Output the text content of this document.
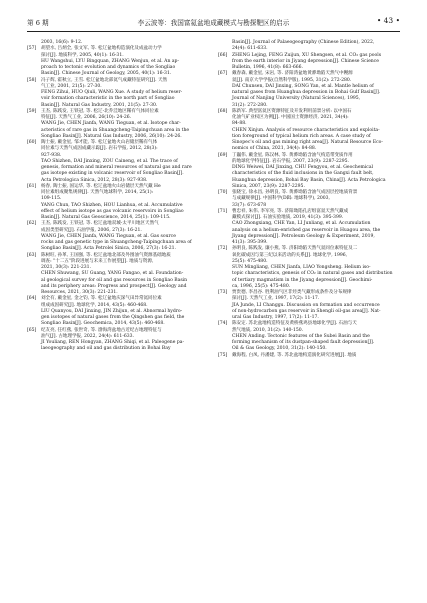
第 6 期	李云波等：我国富氦盆地成藏模式与勘探靶区的启示	• 43 •
2003, 16(6): 9-12.
[57] 胡望水, 吕炳全, 张文军, 等. 松辽盆地构造演化及成盆动力学
探讨[J]. 地质科学, 2005, 40(1): 16-31.
HU Wangshui, LYU Bingquan, ZHANG Wenjun, et al. An ap-
proach to tectonic evolution and dynamics of the Songliao
Basin[J]. Chinese Journal of Geology, 2005, 40(1): 16-31.
[58] 冯子辉, 霍秋立, 王雪. 松辽盆地北部氦气成藏特征研究[J]. 天然
气工业, 2001, 21(5): 27-30.
FENG Zihui, HUO Qiuli, WANG Xue. A study of helium reser-
voir formation characteristic in the north part of Songliao
Basin[J]. Natural Gas Industry, 2001, 21(5): 27-30.
[59] 王杰, 陈践发, 王铁冠, 等. 松辽-北乔洼地区稀有气体同位素
特征[J]. 天然气工业, 2006, 26(10): 24-26.
WANG Jie, CHEN Jianfa, WANG Tieguan, et al. Isotope char-
acteristics of rare gas in Shuangcheng-Taipingchuan area in the
Songliao Basin[J]. Natural Gas Industry, 2006, 26(10): 24-26.
[60] 陶士振, 戴金星, 邹才能, 等. 松辽盆地火山岩储层稀有气体
同位素与天然气成因成藏示踪[J]. 岩石学报, 2012, 28(3):
927-938.
TAO Shizhen, DAI Jinxing, ZOU Caineng, et al. The trace of
genesis, formation and mineral resources of natural gas and rare
gas isotope existing in volcanic reservoir of Songliao Basin[J].
Acta Petrologica Sinica, 2012, 28(3): 927-938.
[61] 杨春, 陶士振, 国运华, 等. 松辽盆地火山岩储层天然气藏 He
同位素组成聚集规律[J]. 天然气地球科学, 2014, 25(1):
109-115.
YANG Chun, TAO Shizhen, HOU Lianhua, et al. Accumulative
effect of helium isotope as gas volcanic reservoirs in Songliao
Basin[J]. Natural Gas Geoscience, 2014, 25(1): 109-115.
[62] 王杰, 陈践发, 王铁冠, 等. 松辽盆地双城-太平川地区天然气
成因类型研究[J]. 石油学报, 2006, 27(3): 16-21.
WANG Jie, CHEN Jianfa, WANG Tieguan, et al. Gas source
rocks and gas genetic type in Shuangcheng-Taipingchuan area of
Songliao Basin[J]. Acta Petrolei Sinica, 2006, 27(3): 16-21.
[63] 陈树旺, 孙革, 王国强, 等. 松辽盆地北部及外围油气资源基础地质
调查: "十二五"阶段进展与未来工作展望[J]. 地质与资源,
2021, 30(3): 221-231.
CHEN Shuwang, SU Guang, YANG Fangao, et al. Foundation-
al geological survey for oil and gas resources in Songliao Basin
and its periphery areas: Progress and prospect[J]. Geology and
Resources, 2021, 30(3): 221-231.
[64] 刘全有, 戴金星, 金之钧, 等. 松辽盆地庆深气田异常氦同位素
组成成因研究[J]. 地球化学, 2014, 43(5): 460-468.
LIU Quanyou, DAI Jinxing, JIN Zhijun, et al. Abnormal hydro-
gen isotopes of natural gases from the Qingshen gas field, the
Songliao Basin[J]. Geochemica, 2014, 43(5): 460-468.
[65] 纪友亮, 任红燕, 张世奇, 等. 渤海湾盆地古近纪古地理特征与
油气[J]. 古地理学报, 2022, 24(4): 611-633.
JI Youliang, REN Hongyan, ZHANG Shiqi, et al. Paleogene pa-
laeogeography and oil and gas distribution in Bohai Bay
Basin[J]. Journal of Palaeogeography (Chinese Edition), 2022,
24(4): 611-633.
[66] ZHENG Lejing, FENG Zuijun, XU Shengsen, et al. CO₂ gas pools
from the earth interior in Jiyang depression[J]. Chinese Science
Bulletin, 1996, 41(8): 663-666.
[67] 戴春森, 戴金星, 宋岩, 等. 济阳湾盆地黄骅坳陷天然气中幔源
氦[J]. 南京大学学报(自然科学版), 1995, 31(2): 272-280.
DAI Chunsen, DAI Jinxing, SONG Yan, et al. Mantle helium of
natural gases from Huanghua depression in Bohai Gulf Basin[J].
Journal of Nanjing University (Natural Sciences), 1995,
31(2): 272-280.
[68] 陈新军. 典型富氦区资源特征及开发利用前景分析: 以中国石
化油气矿业权区为例[J]. 中国国土资源经济, 2021, 34(4):
84-88.
CHEN Xinjun. Analysis of resource characteristics and exploita-
tion foreground of typical helium rich areas. A case study of
Sinopec's oil and gas mining right area[J]. Natural Resource Eco-
nomics of China, 2021, 34(4): 84-88.
[69] 丁巍伟, 戴金星, 陈汉林, 等. 黄骅坳陷含油气构造带变质作用
的地球化学特征[J]. 岩石学报, 2007, 23(9): 2287-2295.
DING Weiwei, DAI Jinxing, CHU Fengyou, et al. Geochemical
characteristics of the fluid inclusions in the Gangxi fault belt,
Huanghua depression, Bohai Bay Basin, China[J]. Acta Petrologica
Sinica, 2007, 23(9): 2287-2295.
[70] 张晓宝, 徐永昌, 孙明良, 等. 黄骅坳陷含油气成因层控地质背景
与成藏规律[J]. 中国科学(D辑: 地球科学), 2003,
33(7): 673-678
[71] 曹忠祥, 朱伟, 李军亮, 等. 济阳坳陷孔店组富氦天然气藏成
藏模式探讨[J]. 石油实验地质, 2019, 41(3): 395-399.
CAO Zhongxiang, CHE Yan, LI Junliang, et al. Accumulation
analysis on a helium-enriched gas reservoir in Huagou area, the
Jiyang depression[J]. Petroleum Geology & Experiment, 2019,
41(3): 395-399.
[72] 孙明良, 陈践发, 廉小燕, 等. 济阳坳陷天然气氦同位素特征及二
氧化碳成因与第三纪以来活动的关系[J]. 地球化学, 1996,
25(5): 475-480.
SUN Mingliang, CHEN Jianfa, LIAO Yongsheng. Helium iso-
topic characteristics, genesis of CO₂ in natural gases and distribution
of tertiary magmatism in the Jiyang depression[J]. Geochimi-
ca, 1996, 25(5): 475-480.
[73] 贾贵德, 李昌谷. 胜利油气区非烃类气藏形成条件及分布规律
探讨[J]. 天然气工业, 1997, 17(2): 11-17.
JIA Junde, LI Changgu. Discussion on formation and occurrence
of non-hydrocarbon gas reservoir in Shengli oil-gas area[J]. Nat-
ural Gas Industry, 1997, 17(2): 11-17.
[74] 陈安定. 苏北盆地构造特征及黄桥燕鸡县地球化学[J]. 石油与天
然气地质, 2010, 31(2): 140-150.
CHEN Anding. Tectonic features of the Subei Basin and the
forming mechanism of its dustpan-shaped fault depression[J].
Oil & Gas Geology, 2010, 31(2): 140-150.
[75] 戴海程, 白凤, 丹潘建, 等. 苏北盆地构造演化研究进展[J]. 地质
